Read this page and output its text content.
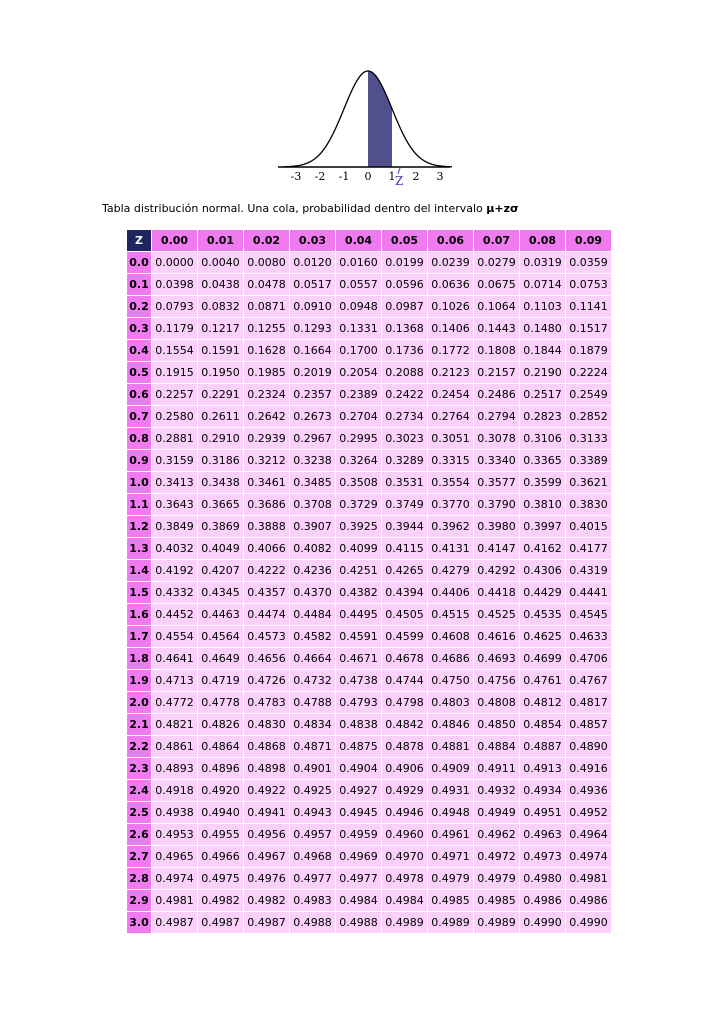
-3 -2 -1 0 1 2 3
Z
Tabla distribución normal. Una cola, probabilidad dentro del intervalo μ+zσ
Z	0.00	0.01	0.02	0.03	0.04	0.05	0.06	0.07	0.08	0.09
0.0	0.0000	0.0040	0.0080	0.0120	0.0160	0.0199	0.0239	0.0279	0.0319	0.0359
0.1	0.0398	0.0438	0.0478	0.0517	0.0557	0.0596	0.0636	0.0675	0.0714	0.0753
0.2	0.0793	0.0832	0.0871	0.0910	0.0948	0.0987	0.1026	0.1064	0.1103	0.1141
0.3	0.1179	0.1217	0.1255	0.1293	0.1331	0.1368	0.1406	0.1443	0.1480	0.1517
0.4	0.1554	0.1591	0.1628	0.1664	0.1700	0.1736	0.1772	0.1808	0.1844	0.1879
0.5	0.1915	0.1950	0.1985	0.2019	0.2054	0.2088	0.2123	0.2157	0.2190	0.2224
0.6	0.2257	0.2291	0.2324	0.2357	0.2389	0.2422	0.2454	0.2486	0.2517	0.2549
0.7	0.2580	0.2611	0.2642	0.2673	0.2704	0.2734	0.2764	0.2794	0.2823	0.2852
0.8	0.2881	0.2910	0.2939	0.2967	0.2995	0.3023	0.3051	0.3078	0.3106	0.3133
0.9	0.3159	0.3186	0.3212	0.3238	0.3264	0.3289	0.3315	0.3340	0.3365	0.3389
1.0	0.3413	0.3438	0.3461	0.3485	0.3508	0.3531	0.3554	0.3577	0.3599	0.3621
1.1	0.3643	0.3665	0.3686	0.3708	0.3729	0.3749	0.3770	0.3790	0.3810	0.3830
1.2	0.3849	0.3869	0.3888	0.3907	0.3925	0.3944	0.3962	0.3980	0.3997	0.4015
1.3	0.4032	0.4049	0.4066	0.4082	0.4099	0.4115	0.4131	0.4147	0.4162	0.4177
1.4	0.4192	0.4207	0.4222	0.4236	0.4251	0.4265	0.4279	0.4292	0.4306	0.4319
1.5	0.4332	0.4345	0.4357	0.4370	0.4382	0.4394	0.4406	0.4418	0.4429	0.4441
1.6	0.4452	0.4463	0.4474	0.4484	0.4495	0.4505	0.4515	0.4525	0.4535	0.4545
1.7	0.4554	0.4564	0.4573	0.4582	0.4591	0.4599	0.4608	0.4616	0.4625	0.4633
1.8	0.4641	0.4649	0.4656	0.4664	0.4671	0.4678	0.4686	0.4693	0.4699	0.4706
1.9	0.4713	0.4719	0.4726	0.4732	0.4738	0.4744	0.4750	0.4756	0.4761	0.4767
2.0	0.4772	0.4778	0.4783	0.4788	0.4793	0.4798	0.4803	0.4808	0.4812	0.4817
2.1	0.4821	0.4826	0.4830	0.4834	0.4838	0.4842	0.4846	0.4850	0.4854	0.4857
2.2	0.4861	0.4864	0.4868	0.4871	0.4875	0.4878	0.4881	0.4884	0.4887	0.4890
2.3	0.4893	0.4896	0.4898	0.4901	0.4904	0.4906	0.4909	0.4911	0.4913	0.4916
2.4	0.4918	0.4920	0.4922	0.4925	0.4927	0.4929	0.4931	0.4932	0.4934	0.4936
2.5	0.4938	0.4940	0.4941	0.4943	0.4945	0.4946	0.4948	0.4949	0.4951	0.4952
2.6	0.4953	0.4955	0.4956	0.4957	0.4959	0.4960	0.4961	0.4962	0.4963	0.4964
2.7	0.4965	0.4966	0.4967	0.4968	0.4969	0.4970	0.4971	0.4972	0.4973	0.4974
2.8	0.4974	0.4975	0.4976	0.4977	0.4977	0.4978	0.4979	0.4979	0.4980	0.4981
2.9	0.4981	0.4982	0.4982	0.4983	0.4984	0.4984	0.4985	0.4985	0.4986	0.4986
3.0	0.4987	0.4987	0.4987	0.4988	0.4988	0.4989	0.4989	0.4989	0.4990	0.4990
